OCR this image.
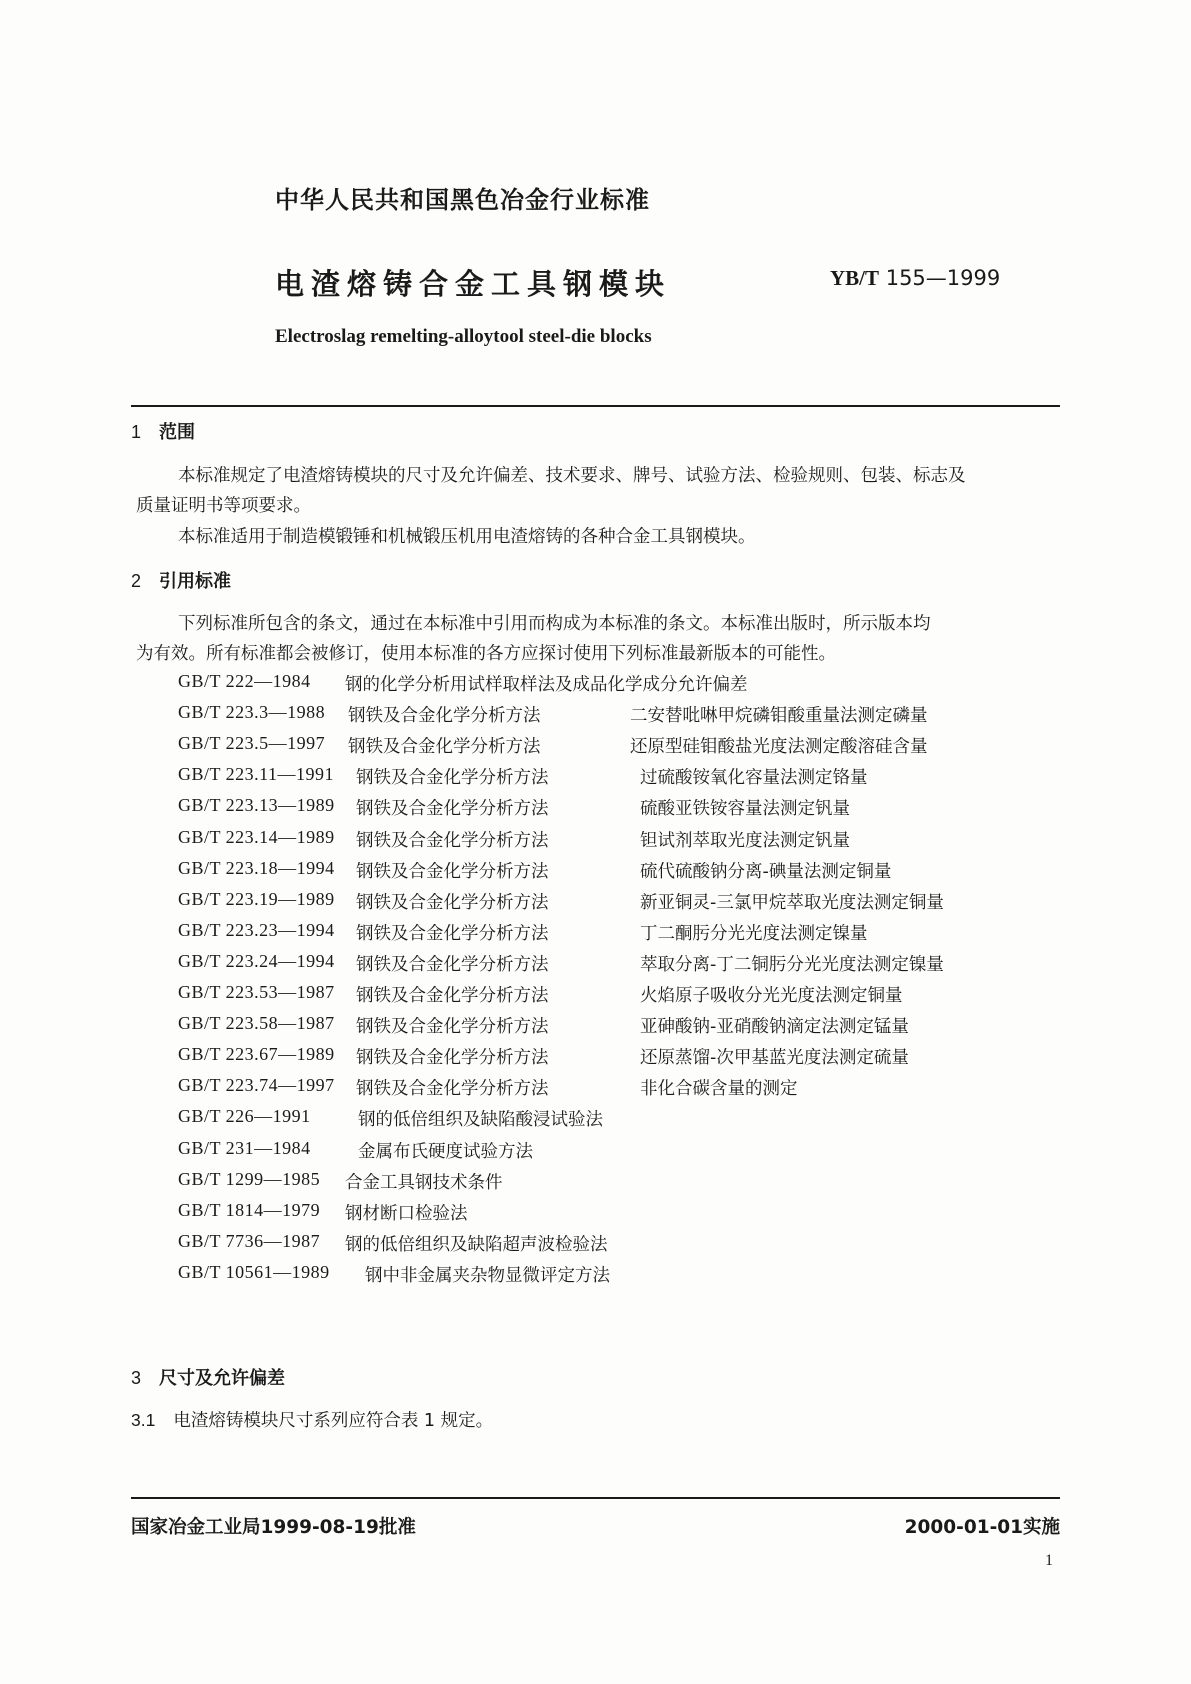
中华人民共和国黑色冶金行业标准
电渣熔铸合金工具钢模块	YB/T 155—1999
Electroslag remelting-alloytool steel-die blocks
1 范围
本标准规定了电渣熔铸模块的尺寸及允许偏差、技术要求、牌号、试验方法、检验规则、包装、标志及
质量证明书等项要求。
本标准适用于制造模锻锤和机械锻压机用电渣熔铸的各种合金工具钢模块。
2 引用标准
下列标准所包含的条文，通过在本标准中引用而构成为本标准的条文。本标准出版时，所示版本均
为有效。所有标准都会被修订，使用本标准的各方应探讨使用下列标准最新版本的可能性。
GB/T 222—1984 钢的化学分析用试样取样法及成品化学成分允许偏差
GB/T 223.3—1988 钢铁及合金化学分析方法	二安替吡啉甲烷磷钼酸重量法测定磷量
GB/T 223.5—1997 钢铁及合金化学分析方法	还原型硅钼酸盐光度法测定酸溶硅含量
GB/T 223.11—1991 钢铁及合金化学分析方法	过硫酸铵氧化容量法测定铬量
GB/T 223.13—1989 钢铁及合金化学分析方法	硫酸亚铁铵容量法测定钒量
GB/T 223.14—1989 钢铁及合金化学分析方法	钽试剂萃取光度法测定钒量
GB/T 223.18—1994 钢铁及合金化学分析方法	硫代硫酸钠分离-碘量法测定铜量
GB/T 223.19—1989 钢铁及合金化学分析方法	新亚铜灵-三氯甲烷萃取光度法测定铜量
GB/T 223.23—1994 钢铁及合金化学分析方法	丁二酮肟分光光度法测定镍量
GB/T 223.24—1994 钢铁及合金化学分析方法	萃取分离-丁二铜肟分光光度法测定镍量
GB/T 223.53—1987 钢铁及合金化学分析方法	火焰原子吸收分光光度法测定铜量
GB/T 223.58—1987 钢铁及合金化学分析方法	亚砷酸钠-亚硝酸钠滴定法测定锰量
GB/T 223.67—1989 钢铁及合金化学分析方法	还原蒸馏-次甲基蓝光度法测定硫量
GB/T 223.74—1997 钢铁及合金化学分析方法	非化合碳含量的测定
GB/T 226—1991	钢的低倍组织及缺陷酸浸试验法
GB/T 231—1984	金属布氏硬度试验方法
GB/T 1299—1985 合金工具钢技术条件
GB/T 1814—1979 钢材断口检验法
GB/T 7736—1987 钢的低倍组织及缺陷超声波检验法
GB/T 10561—1989 钢中非金属夹杂物显微评定方法
3 尺寸及允许偏差
3.1 电渣熔铸模块尺寸系列应符合表 1 规定。
国家冶金工业局1999-08-19批准	2000-01-01实施
1
